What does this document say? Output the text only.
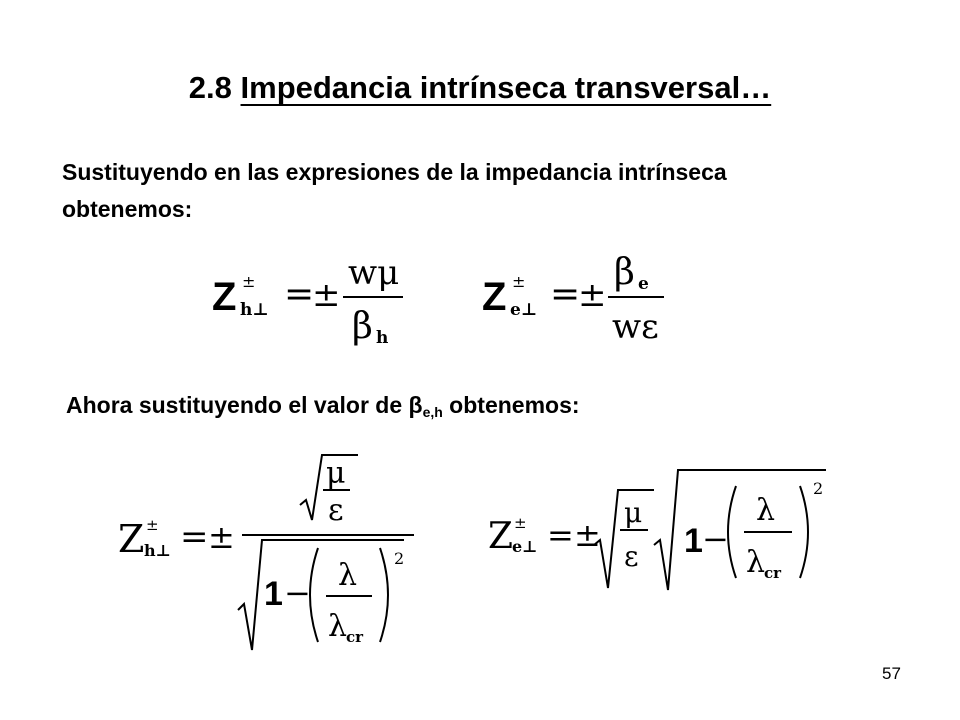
2.8 Impedancia intrínseca transversal…
Sustituyendo en las expresiones de la impedancia intrínseca obtenemos:
Ahora sustituyendo el valor de $\beta_{e,h}$ obtenemos:
Z ±
h⊥ =
±
wμ
β h
Z ±
e⊥ =
±
β e
wε
Z ±
h⊥ = ±
μ
ε
1 − λ
λ
cr
2
Z ±
e⊥ = ±
μ
ε 1 −
λ
λ
cr
2
57
